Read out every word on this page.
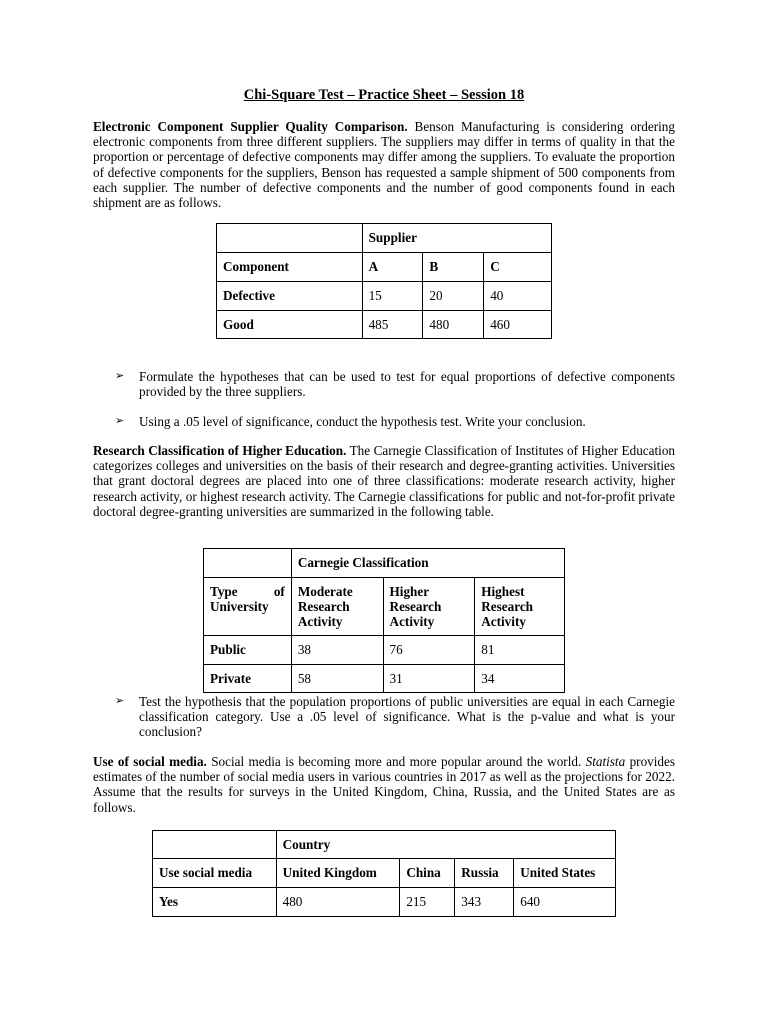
Chi-Square Test – Practice Sheet – Session 18

Electronic Component Supplier Quality Comparison. Benson Manufacturing is considering ordering electronic components from three different suppliers. The suppliers may differ in terms of quality in that the proportion or percentage of defective components may differ among the suppliers. To evaluate the proportion of defective components for the suppliers, Benson has requested a sample shipment of 500 components from each supplier. The number of defective components and the number of good components found in each shipment are as follows.

	Supplier		
Component	A	B	C
Defective	15	20	40
Good	485	480	460
➢ Formulate the hypotheses that can be used to test for equal proportions of defective components provided by the three suppliers.
➢ Using a .05 level of significance, conduct the hypothesis test. Write your conclusion.

Research Classification of Higher Education. The Carnegie Classification of Institutes of Higher Education categorizes colleges and universities on the basis of their research and degree-granting activities. Universities that grant doctoral degrees are placed into one of three classifications: moderate research activity, higher research activity, or highest research activity. The Carnegie classifications for public and not-for-profit private doctoral degree-granting universities are summarized in the following table.

	Carnegie Classification		
Type of University	Moderate Research Activity	Higher Research Activity	Highest Research Activity
Public	38	76	81
Private	58	31	34
➢ Test the hypothesis that the population proportions of public universities are equal in each Carnegie classification category. Use a .05 level of significance. What is the p-value and what is your conclusion?

Use of social media. Social media is becoming more and more popular around the world. Statista provides estimates of the number of social media users in various countries in 2017 as well as the projections for 2022. Assume that the results for surveys in the United Kingdom, China, Russia, and the United States are as follows.

	Country			
Use social media	United Kingdom	China	Russia	United States
Yes	480	215	343	640
